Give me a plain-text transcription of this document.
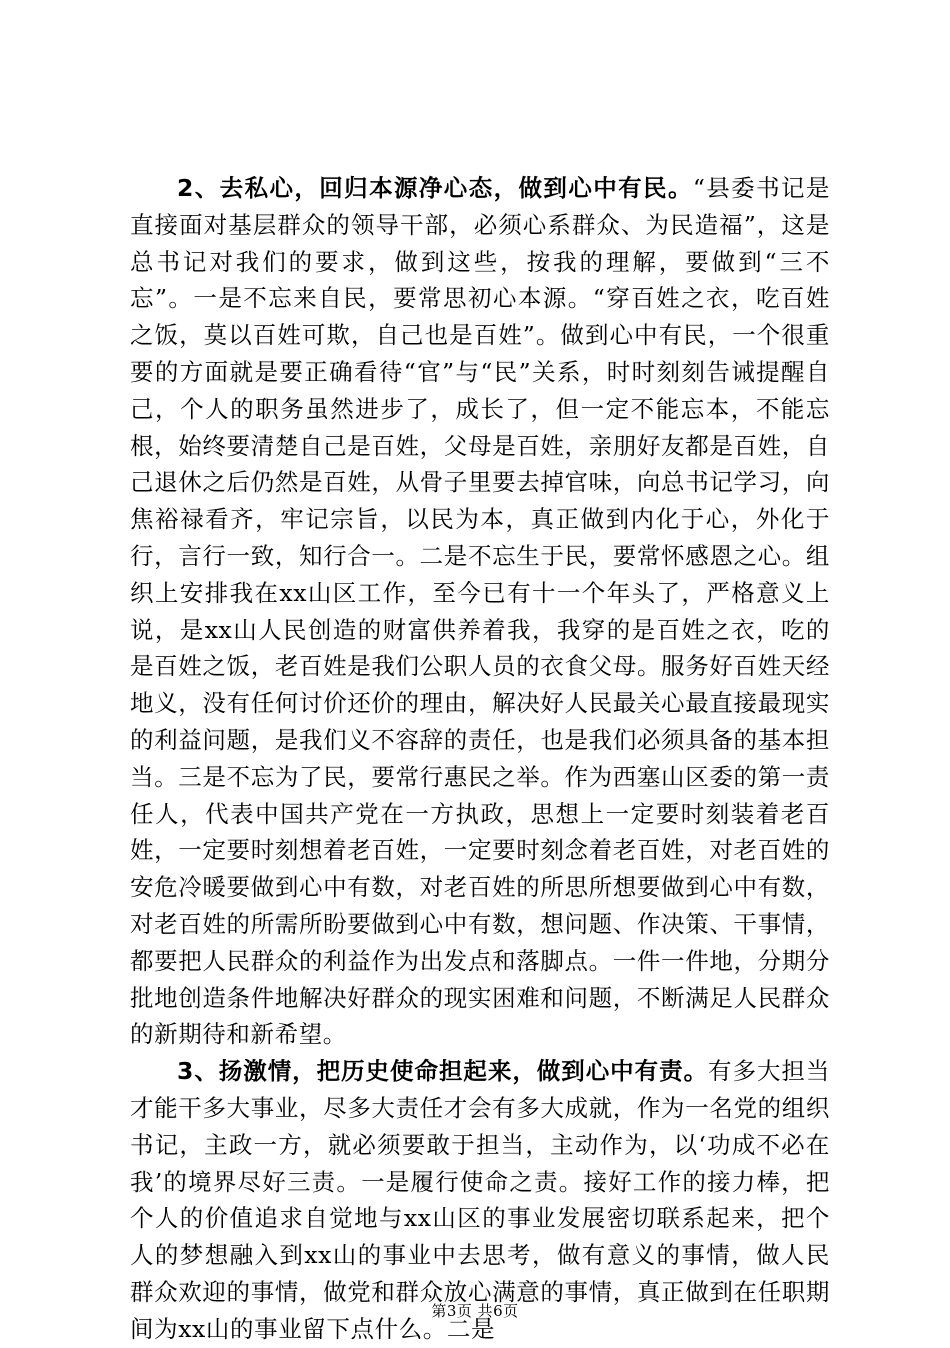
2、去私心，回归本源净心态，做到心中有民。“县委书记是直接面对基层群众的领导干部，必须心系群众、为民造福”，这是总书记对我们的要求，做到这些，按我的理解，要做到“三不忘”。一是不忘来自民，要常思初心本源。“穿百姓之衣，吃百姓之饭，莫以百姓可欺，自己也是百姓”。做到心中有民，一个很重要的方面就是要正确看待“官”与“民”关系，时时刻刻告诫提醒自己，个人的职务虽然进步了，成长了，但一定不能忘本，不能忘根，始终要清楚自己是百姓，父母是百姓，亲朋好友都是百姓，自己退休之后仍然是百姓，从骨子里要去掉官味，向总书记学习，向焦裕禄看齐，牢记宗旨，以民为本，真正做到内化于心，外化于行，言行一致，知行合一。二是不忘生于民，要常怀感恩之心。组织上安排我在xx山区工作，至今已有十一个年头了，严格意义上说，是xx山人民创造的财富供养着我，我穿的是百姓之衣，吃的是百姓之饭，老百姓是我们公职人员的衣食父母。服务好百姓天经地义，没有任何讨价还价的理由，解决好人民最关心最直接最现实的利益问题，是我们义不容辞的责任，也是我们必须具备的基本担当。三是不忘为了民，要常行惠民之举。作为西塞山区委的第一责任人，代表中国共产党在一方执政，思想上一定要时刻装着老百姓，一定要时刻想着老百姓，一定要时刻念着老百姓，对老百姓的安危冷暖要做到心中有数，对老百姓的所思所想要做到心中有数，对老百姓的所需所盼要做到心中有数，想问题、作决策、干事情，都要把人民群众的利益作为出发点和落脚点。一件一件地，分期分批地创造条件地解决好群众的现实困难和问题，不断满足人民群众的新期待和新希望。

3、扬激情，把历史使命担起来，做到心中有责。有多大担当才能干多大事业，尽多大责任才会有多大成就，作为一名党的组织书记，主政一方，就必须要敢于担当，主动作为，以‘功成不必在我’的境界尽好三责。一是履行使命之责。接好工作的接力棒，把个人的价值追求自觉地与xx山区的事业发展密切联系起来，把个人的梦想融入到xx山的事业中去思考，做有意义的事情，做人民群众欢迎的事情，做党和群众放心满意的事情，真正做到在任职期间为xx山的事业留下点什么。二是

第3页 共6页
